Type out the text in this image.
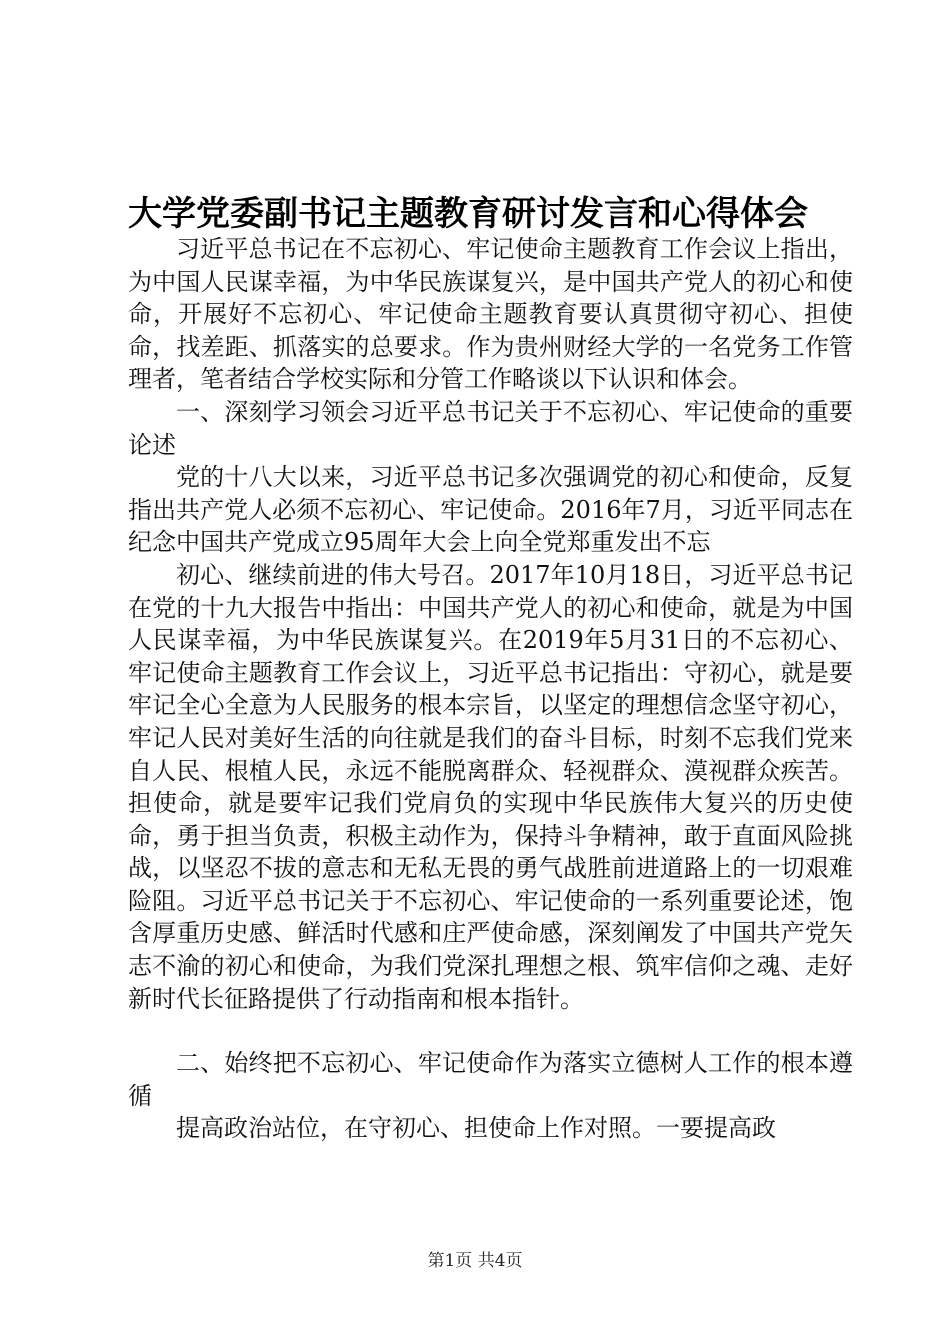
大学党委副书记主题教育研讨发言和心得体会

习近平总书记在不忘初心、牢记使命主题教育工作会议上指出，为中国人民谋幸福，为中华民族谋复兴，是中国共产党人的初心和使命，开展好不忘初心、牢记使命主题教育要认真贯彻守初心、担使命，找差距、抓落实的总要求。作为贵州财经大学的一名党务工作管理者，笔者结合学校实际和分管工作略谈以下认识和体会。

一、深刻学习领会习近平总书记关于不忘初心、牢记使命的重要论述

党的十八大以来，习近平总书记多次强调党的初心和使命，反复指出共产党人必须不忘初心、牢记使命。2016年7月，习近平同志在纪念中国共产党成立95周年大会上向全党郑重发出不忘

初心、继续前进的伟大号召。2017年10月18日，习近平总书记在党的十九大报告中指出：中国共产党人的初心和使命，就是为中国人民谋幸福，为中华民族谋复兴。在2019年5月31日的不忘初心、牢记使命主题教育工作会议上，习近平总书记指出：守初心，就是要牢记全心全意为人民服务的根本宗旨，以坚定的理想信念坚守初心，牢记人民对美好生活的向往就是我们的奋斗目标，时刻不忘我们党来自人民、根植人民，永远不能脱离群众、轻视群众、漠视群众疾苦。担使命，就是要牢记我们党肩负的实现中华民族伟大复兴的历史使命，勇于担当负责，积极主动作为，保持斗争精神，敢于直面风险挑战，以坚忍不拔的意志和无私无畏的勇气战胜前进道路上的一切艰难险阻。习近平总书记关于不忘初心、牢记使命的一系列重要论述，饱含厚重历史感、鲜活时代感和庄严使命感，深刻阐发了中国共产党矢志不渝的初心和使命，为我们党深扎理想之根、筑牢信仰之魂、走好新时代长征路提供了行动指南和根本指针。

二、始终把不忘初心、牢记使命作为落实立德树人工作的根本遵循

提高政治站位，在守初心、担使命上作对照。一要提高政

第1页 共4页
